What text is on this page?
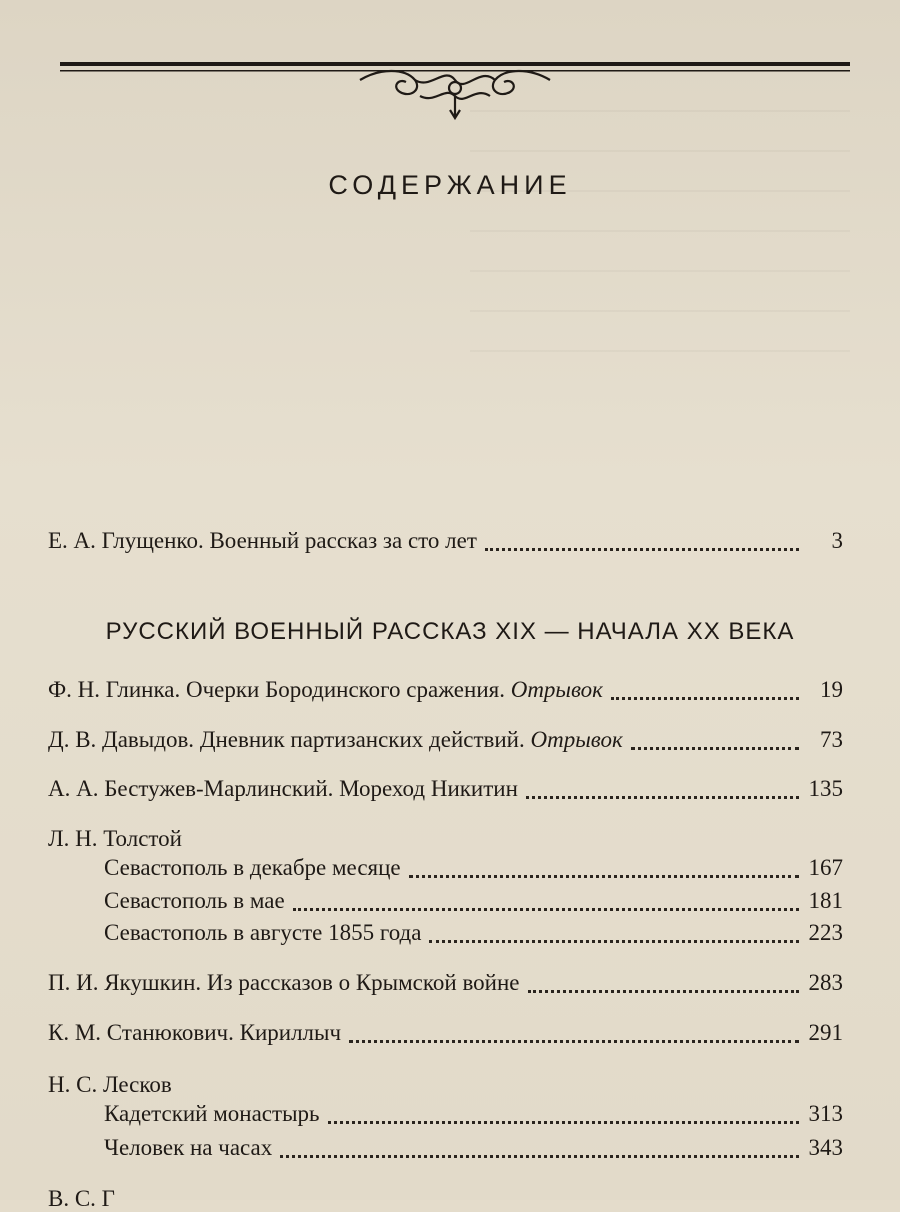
СОДЕРЖАНИЕ
Е. А. Глущенко. Военный рассказ за сто лет	3
РУССКИЙ ВОЕННЫЙ РАССКАЗ XIX — НАЧАЛА XX ВЕКА
Ф. Н. Глинка. Очерки Бородинского сражения. Отрывок	19
Д. В. Давыдов. Дневник партизанских действий. Отрывок	73
А. А. Бестужев-Марлинский. Мореход Никитин	135
Л. Н. Толстой
Севастополь в декабре месяце	167
Севастополь в мае	181
Севастополь в августе 1855 года	223
П. И. Якушкин. Из рассказов о Крымской войне	283
К. М. Станюкович. Кириллыч	291
Н. С. Лесков
Кадетский монастырь	313
Человек на часах	343
В. С. Г
